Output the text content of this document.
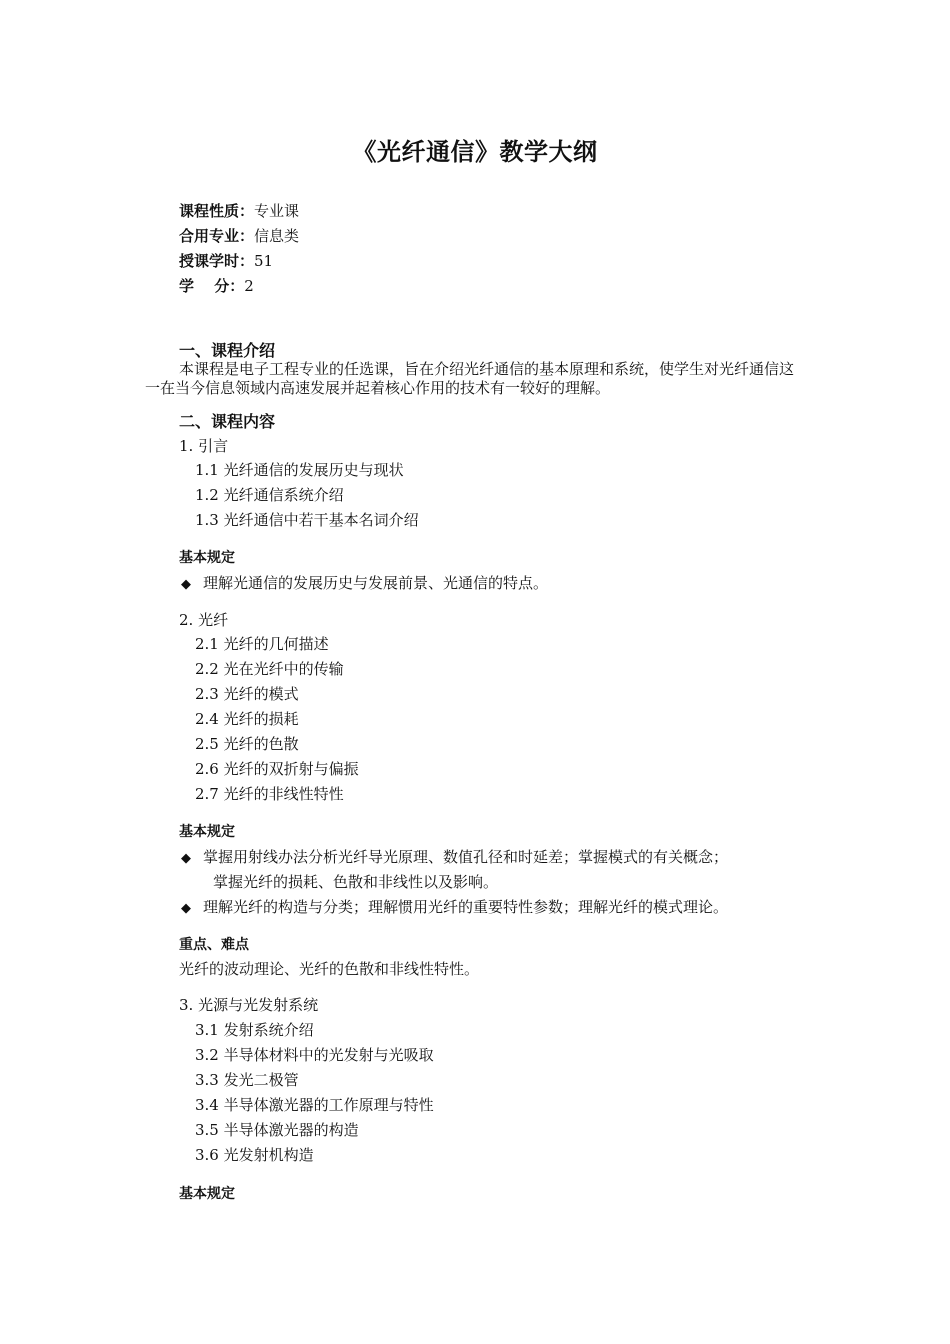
《光纤通信》教学大纲
课程性质：专业课
合用专业：信息类
授课学时：51
学　 分：2
一、课程介绍
本课程是电子工程专业的任选课，旨在介绍光纤通信的基本原理和系统，使学生对光纤通信这一在当今信息领域内高速发展并起着核心作用的技术有一较好的理解。
二、课程内容
1. 引言
1.1 光纤通信的发展历史与现状
1.2 光纤通信系统介绍
1.3 光纤通信中若干基本名词介绍
基本规定
◆ 理解光通信的发展历史与发展前景、光通信的特点。
2. 光纤
2.1 光纤的几何描述
2.2 光在光纤中的传输
2.3 光纤的模式
2.4 光纤的损耗
2.5 光纤的色散
2.6 光纤的双折射与偏振
2.7 光纤的非线性特性
基本规定
◆ 掌握用射线办法分析光纤导光原理、数值孔径和时延差；掌握模式的有关概念；
掌握光纤的损耗、色散和非线性以及影响。
◆ 理解光纤的构造与分类；理解惯用光纤的重要特性参数；理解光纤的模式理论。
重点、难点
光纤的波动理论、光纤的色散和非线性特性。
3. 光源与光发射系统
3.1 发射系统介绍
3.2 半导体材料中的光发射与光吸取
3.3 发光二极管
3.4 半导体激光器的工作原理与特性
3.5 半导体激光器的构造
3.6 光发射机构造
基本规定
